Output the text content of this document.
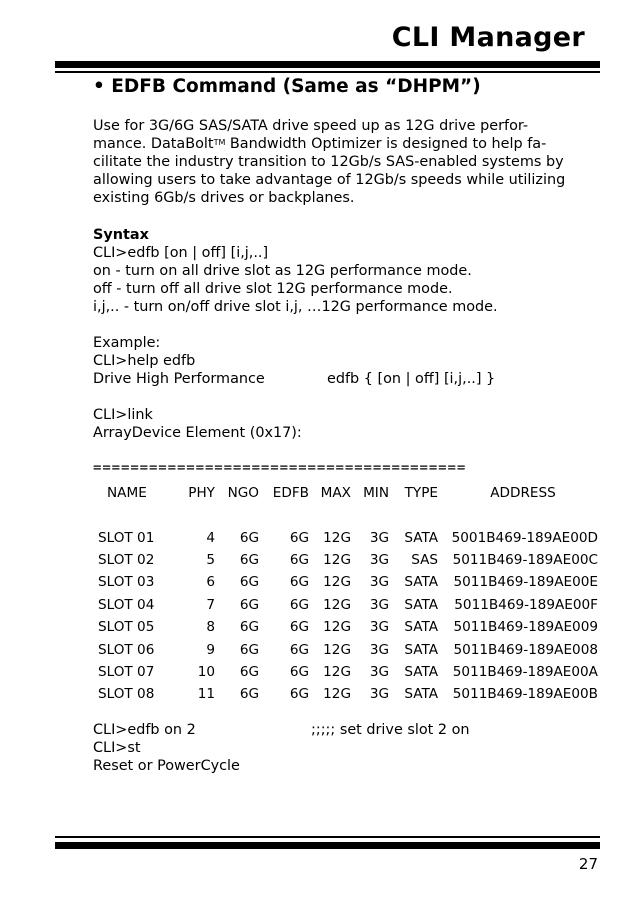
CLI Manager
• EDFB Command (Same as “DHPM”)
Use for 3G/6G SAS/SATA drive speed up as 12G drive perfor-
mance. DataBolt™ Bandwidth Optimizer is designed to help fa-
cilitate the industry transition to 12Gb/s SAS-enabled systems by
allowing users to take advantage of 12Gb/s speeds while utilizing
existing 6Gb/s drives or backplanes.
Syntax
CLI>edfb [on | off] [i,j,..]
on - turn on all drive slot as 12G performance mode.
off - turn off all drive slot 12G performance mode.
i,j,.. - turn on/off drive slot i,j, …12G performance mode.
Example:
CLI>help edfb
Drive High Performance	edfb { [on | off] [i,j,..] }
CLI>link
ArrayDevice Element (0x17):
========================================
NAME	PHY	NGO	EDFB	MAX	MIN	TYPE	ADDRESS

SLOT 01	4	6G	6G	12G	3G	SATA	5001B469-189AE00D
SLOT 02	5	6G	6G	12G	3G	SAS	5011B469-189AE00C
SLOT 03	6	6G	6G	12G	3G	SATA	5011B469-189AE00E
SLOT 04	7	6G	6G	12G	3G	SATA	5011B469-189AE00F
SLOT 05	8	6G	6G	12G	3G	SATA	5011B469-189AE009
SLOT 06	9	6G	6G	12G	3G	SATA	5011B469-189AE008
SLOT 07	10	6G	6G	12G	3G	SATA	5011B469-189AE00A
SLOT 08	11	6G	6G	12G	3G	SATA	5011B469-189AE00B
CLI>edfb on 2	;;;;; set drive slot 2 on
CLI>st
Reset or PowerCycle
27
